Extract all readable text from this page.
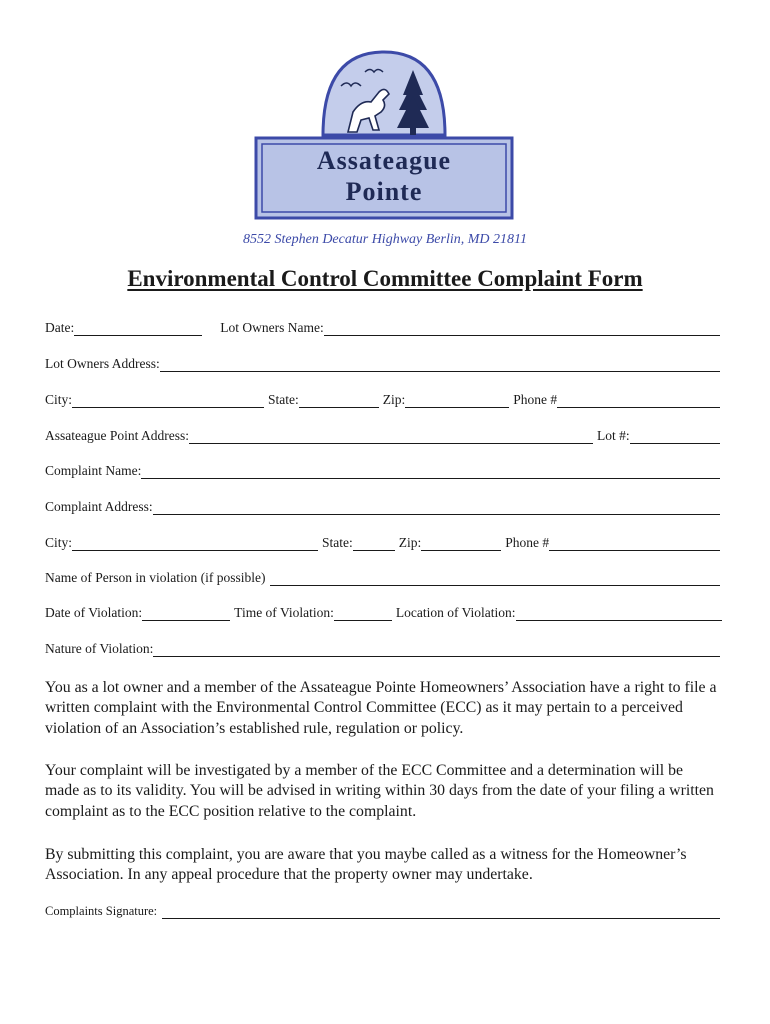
Assateague
Pointe
8552 Stephen Decatur Highway Berlin, MD 21811
Environmental Control Committee Complaint Form
Date:	Lot Owners Name:
Lot Owners Address:
City:	State:	Zip:	Phone #
Assateague Point Address:	Lot #:
Complaint Name:
Complaint Address:
City:	State:	Zip:	Phone #
Name of Person in violation (if possible)
Date of Violation:	Time of Violation:	Location of Violation:
Nature of Violation:

You as a lot owner and a member of the Assateague Pointe Homeowners’ Association have a right to file a written complaint with the Environmental Control Committee (ECC) as it may pertain to a perceived violation of an Association’s established rule, regulation or policy.

Your complaint will be investigated by a member of the ECC Committee and a determination will be made as to its validity. You will be advised in writing within 30 days from the date of your filing a written complaint as to the ECC position relative to the complaint.

By submitting this complaint, you are aware that you maybe called as a witness for the Homeowner’s Association. In any appeal procedure that the property owner may undertake.

Complaints Signature:
